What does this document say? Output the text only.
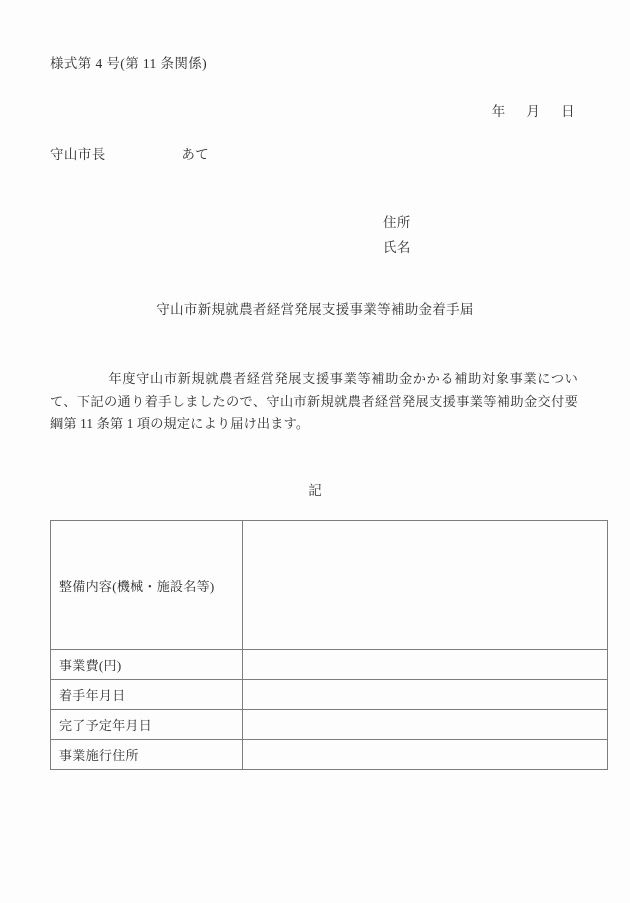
様式第 4 号(第 11 条関係)
年 月 日
守山市長	あて
住所
氏名
守山市新規就農者経営発展支援事業等補助金着手届
年度守山市新規就農者経営発展支援事業等補助金かかる補助対象事業について、下記の通り着手しましたので、守山市新規就農者経営発展支援事業等補助金交付要綱第 11 条第 1 項の規定により届け出ます。
記
整備内容(機械・施設名等)	
事業費(円)	
着手年月日	
完了予定年月日	
事業施行住所	
